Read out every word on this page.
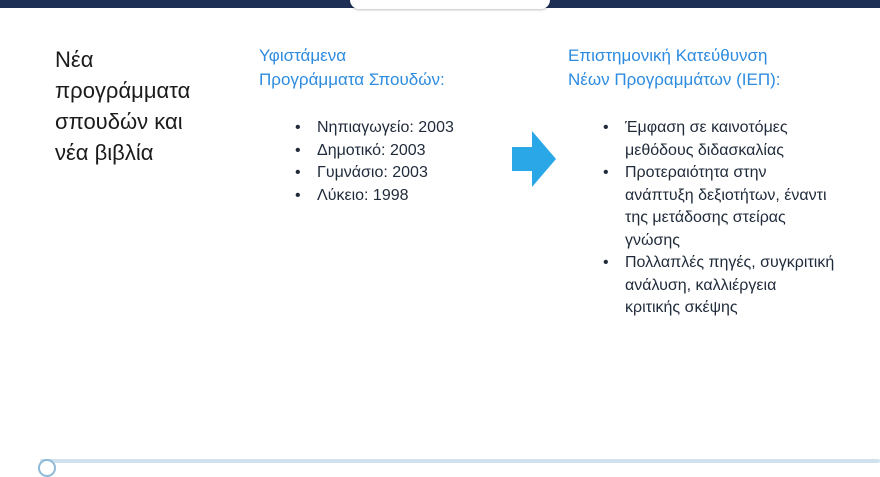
Νέα
προγράμματα
σπουδών και
νέα βιβλία
Υφιστάμενα
Προγράμματα Σπουδών:
• Νηπιαγωγείο: 2003
• Δημοτικό: 2003
• Γυμνάσιο: 2003
• Λύκειο: 1998
Επιστημονική Κατεύθυνση
Νέων Προγραμμάτων (ΙΕΠ):
• Έμφαση σε καινοτόμες μεθόδους διδασκαλίας
• Προτεραιότητα στην ανάπτυξη δεξιοτήτων, έναντι της μετάδοσης στείρας γνώσης
• Πολλαπλές πηγές, συγκριτική ανάλυση, καλλιέργεια κριτικής σκέψης
